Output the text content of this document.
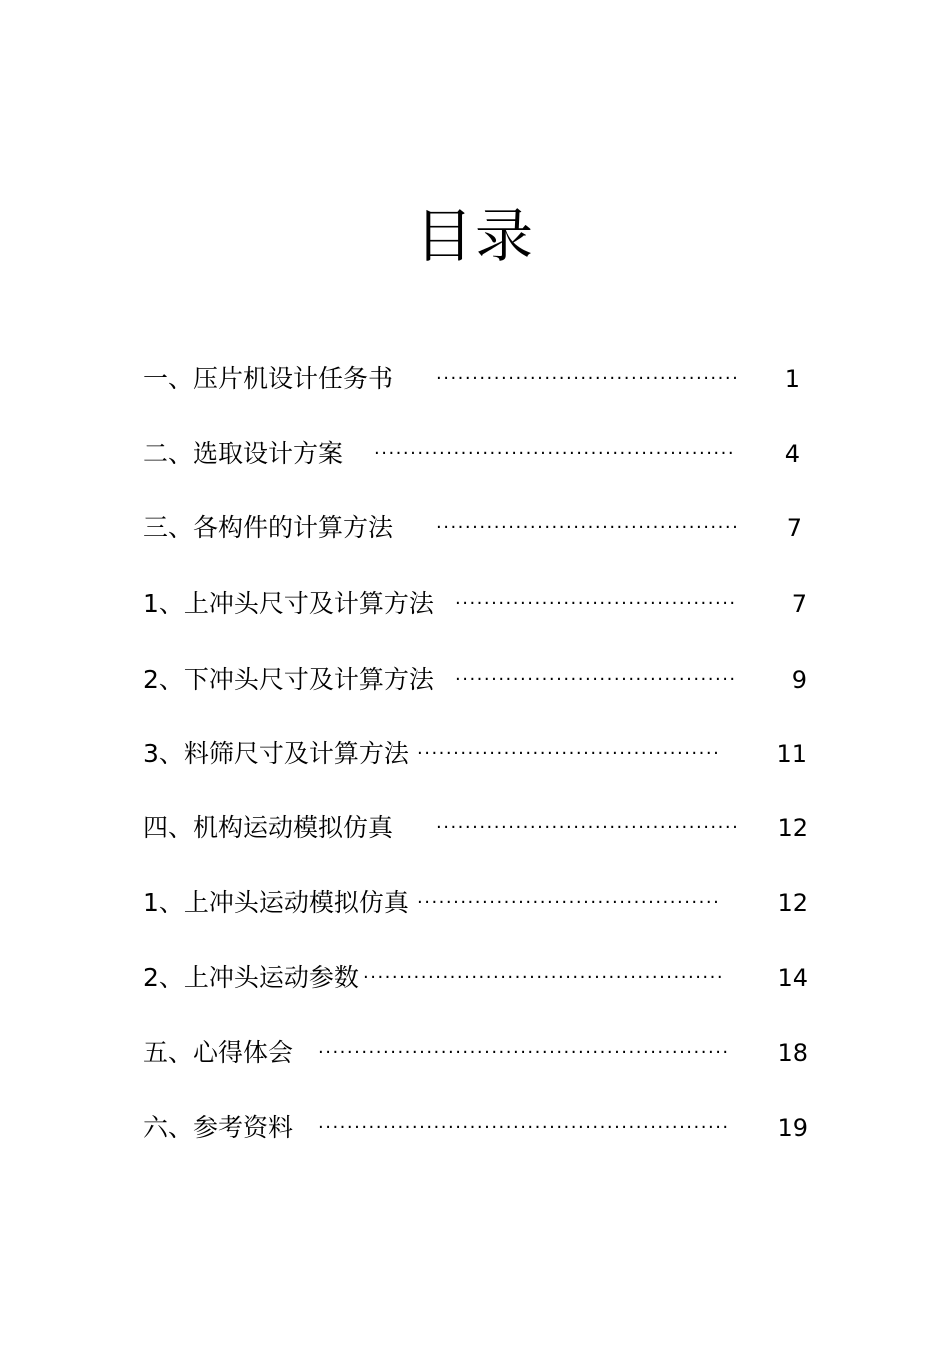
目录
一、压片机设计任务书 ··········································	1
二、选取设计方案 ··················································	4
三、各构件的计算方法 ··········································	7
1、上冲头尺寸及计算方法 ·······································	7
2、下冲头尺寸及计算方法 ·······································	9
3、料筛尺寸及计算方法 ··········································	11
四、机构运动模拟仿真 ··········································	12
1、上冲头运动模拟仿真 ··········································	12
2、上冲头运动参数 ··················································	14
五、心得体会 ·························································	18
六、参考资料 ·························································	19
